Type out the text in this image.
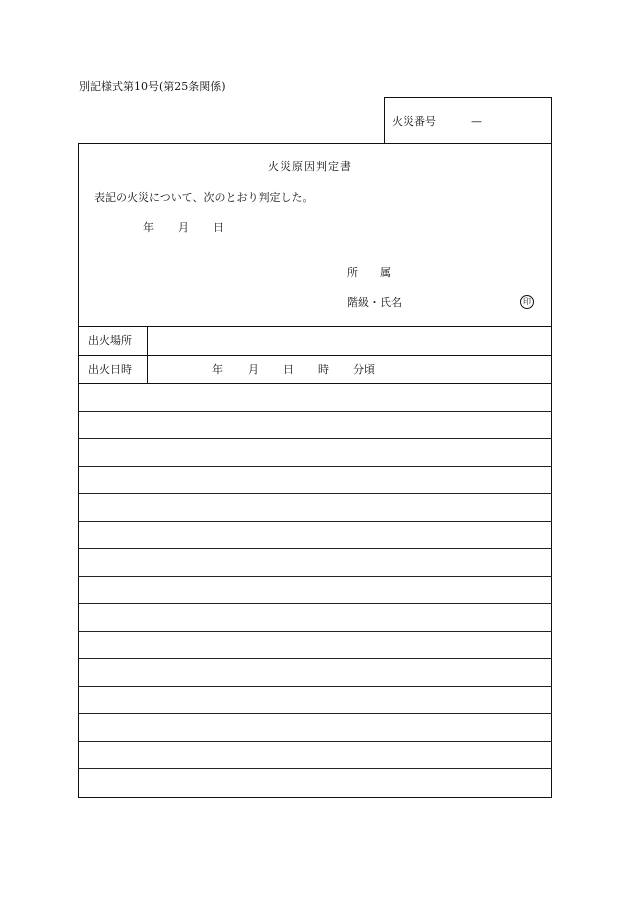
別記様式第10号(第25条関係)
火災番号	—
火災原因判定書
表記の火災について、次のとおり判定した。
年 月 日
所　　属
階級・氏名	印
出火場所
出火日時	年 月 日 時 分頃
